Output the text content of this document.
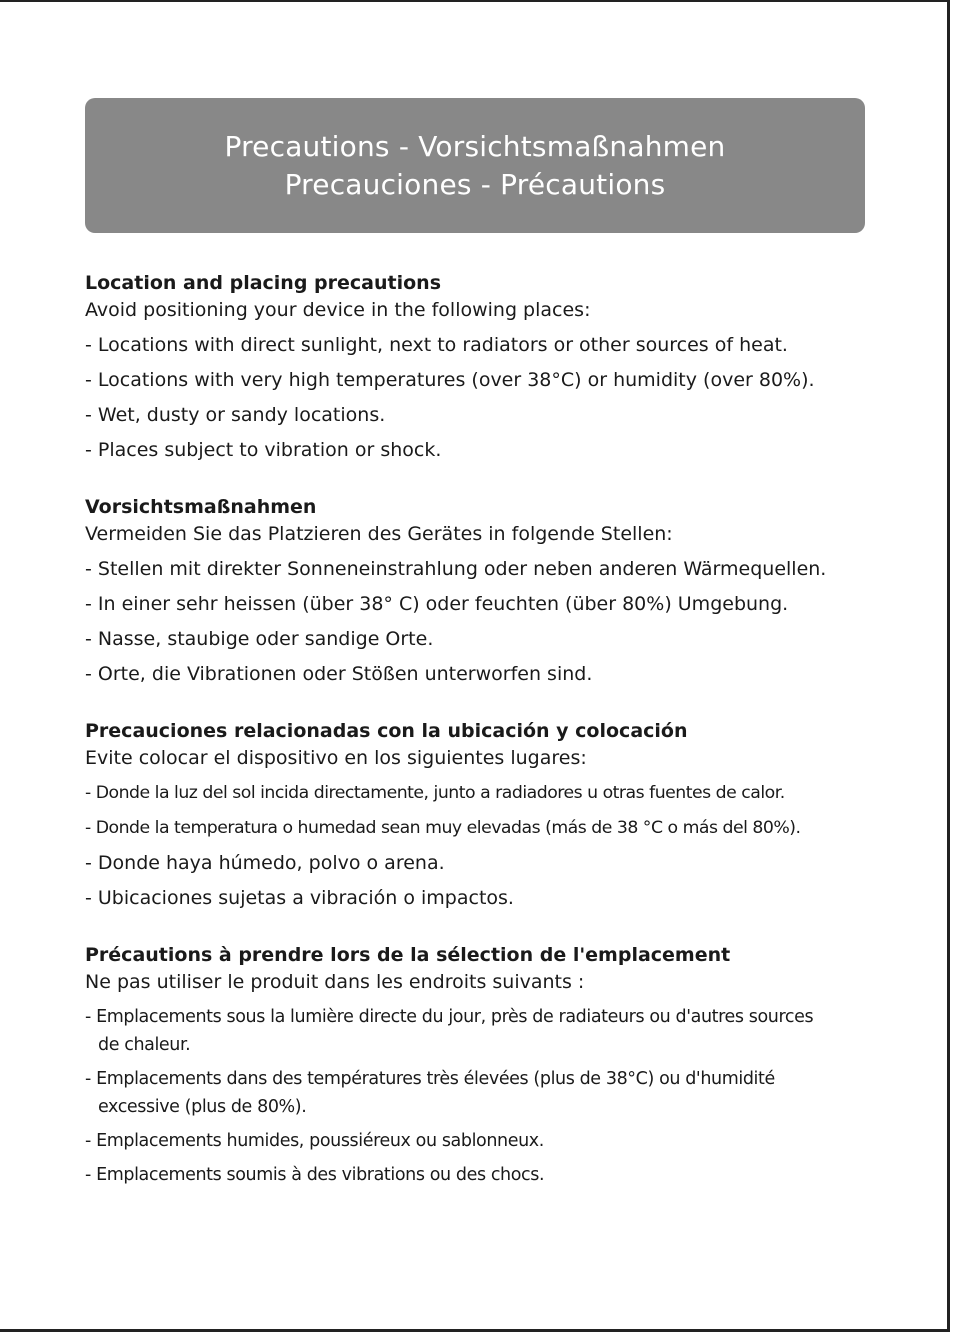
Precautions - Vorsichtsmaßnahmen
Precauciones - Précautions

Location and placing precautions

Avoid positioning your device in the following places:

- Locations with direct sunlight, next to radiators or other sources of heat.
- Locations with very high temperatures (over 38°C) or humidity (over 80%).
- Wet, dusty or sandy locations.
- Places subject to vibration or shock.

Vorsichtsmaßnahmen

Vermeiden Sie das Platzieren des Gerätes in folgende Stellen:

- Stellen mit direkter Sonneneinstrahlung oder neben anderen Wärmequellen.
- In einer sehr heissen (über 38° C) oder feuchten (über 80%) Umgebung.
- Nasse, staubige oder sandige Orte.
- Orte, die Vibrationen oder Stößen unterworfen sind.

Precauciones relacionadas con la ubicación y colocación

Evite colocar el dispositivo en los siguientes lugares:

- Donde la luz del sol incida directamente, junto a radiadores u otras fuentes de calor.
- Donde la temperatura o humedad sean muy elevadas (más de 38 °C o más del 80%).
- Donde haya húmedo, polvo o arena.
- Ubicaciones sujetas a vibración o impactos.

Précautions à prendre lors de la sélection de l'emplacement

Ne pas utiliser le produit dans les endroits suivants :

- Emplacements sous la lumière directe du jour, près de radiateurs ou d'autres sources de chaleur.
- Emplacements dans des températures très élevées (plus de 38°C) ou d'humidité excessive (plus de 80%).
- Emplacements humides, poussiéreux ou sablonneux.
- Emplacements soumis à des vibrations ou des chocs.
